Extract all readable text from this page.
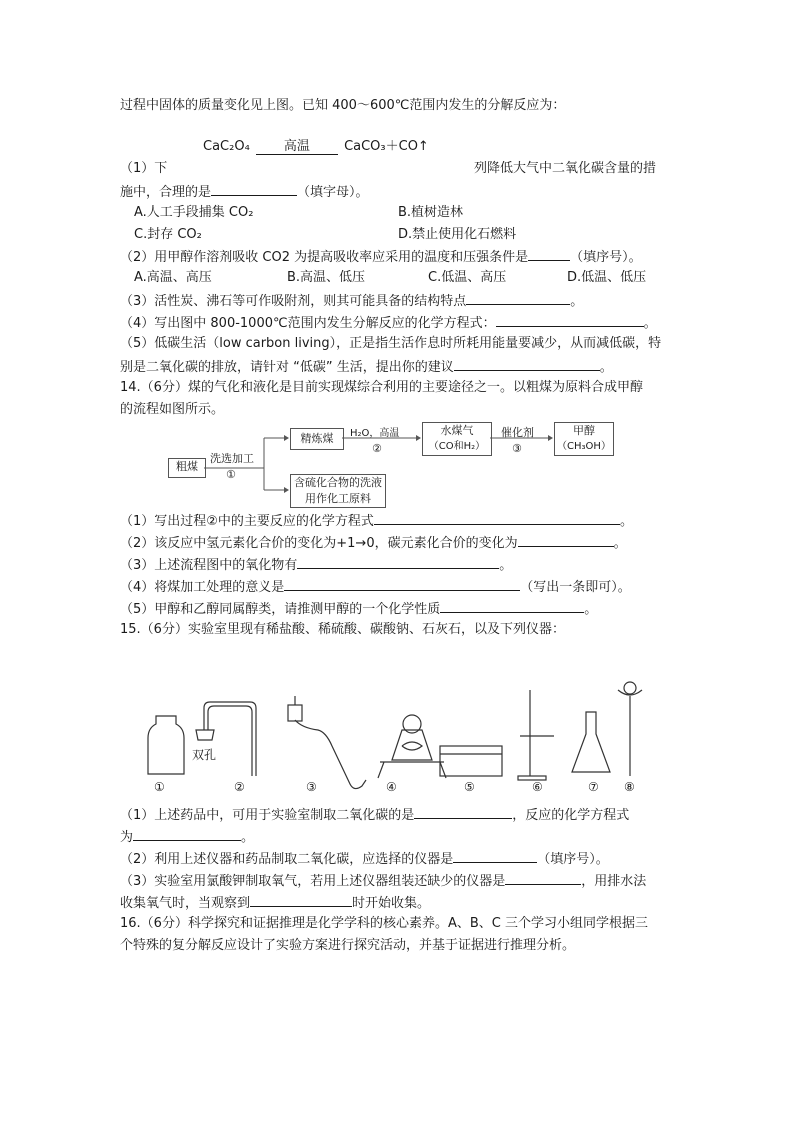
过程中固体的质量变化见上图。已知 400～600℃范围内发生的分解反应为：
CaC₂O₄	高温	CaCO₃＋CO↑
（1）下	列降低大气中二氧化碳含量的措
施中，合理的是	（填字母）。
A.人工手段捕集 CO₂	B.植树造林
C.封存 CO₂	D.禁止使用化石燃料
（2）用甲醇作溶剂吸收 CO2 为提高吸收率应采用的温度和压强条件是	（填序号）。
A.高温、高压	B.高温、低压	C.低温、高压	D.低温、低压
（3）活性炭、沸石等可作吸附剂，则其可能具备的结构特点	。
（4）写出图中 800-1000℃范围内发生分解反应的化学方程式：	。
（5）低碳生活（low carbon living），正是指生活作息时所耗用能量要减少，从而减低碳，特
别是二氧化碳的排放，请针对 “低碳” 生活，提出你的建议	。
14.（6分）煤的气化和液化是目前实现煤综合利用的主要途径之一。以粗煤为原料合成甲醇
的流程如图所示。
粗煤
洗选加工
①
精炼煤	H₂O，高温
②
水煤气
（CO和H₂）
催化剂
③
甲醇
（CH₃OH）
含硫化合物的洗液
用作化工原料
（1）写出过程②中的主要反应的化学方程式	。
（2）该反应中氢元素化合价的变化为+1→0，碳元素化合价的变化为	。
（3）上述流程图中的氧化物有	。
（4）将煤加工处理的意义是	（写出一条即可）。
（5）甲醇和乙醇同属醇类，请推测甲醇的一个化学性质	。
15.（6分）实验室里现有稀盐酸、稀硫酸、碳酸钠、石灰石，以及下列仪器：
双孔
①	②	③	④	⑤	⑥	⑦ ⑧
（1）上述药品中，可用于实验室制取二氧化碳的是	，反应的化学方程式
为	。
（2）利用上述仪器和药品制取二氧化碳，应选择的仪器是	（填序号）。
（3）实验室用氯酸钾制取氧气，若用上述仪器组装还缺少的仪器是	，用排水法
收集氧气时，当观察到	时开始收集。
16.（6分）科学探究和证据推理是化学学科的核心素养。A、B、C 三个学习小组同学根据三
个特殊的复分解反应设计了实验方案进行探究活动，并基于证据进行推理分析。
